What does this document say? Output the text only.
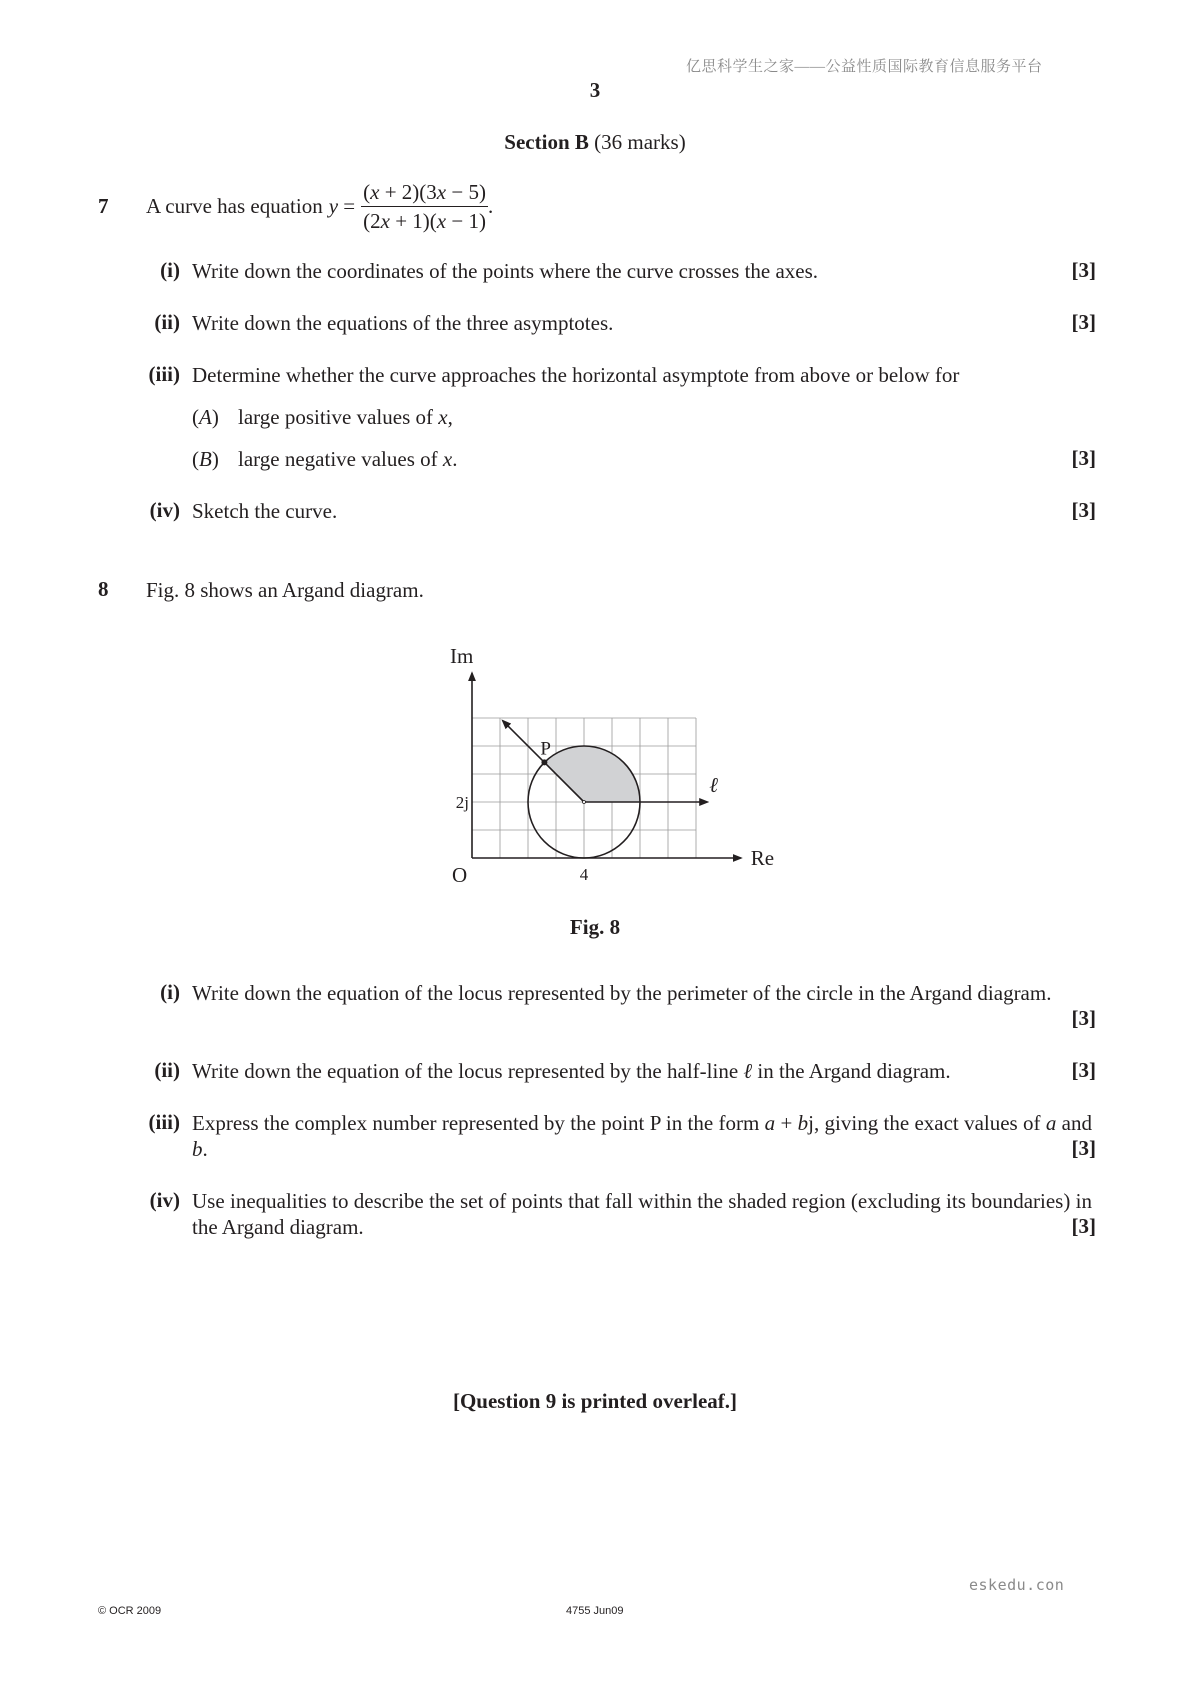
亿思科学生之家——公益性质国际教育信息服务平台
3
Section B (36 marks)
7 A curve has equation $y = \frac{(x + 2)(3x - 5)}{(2x + 1)(x - 1)}$ .
(i) Write down the coordinates of the points where the curve crosses the axes.	[3]
(ii) Write down the equations of the three asymptotes.	[3]
(iii) Determine whether the curve approaches the horizontal asymptote from above or below for
(A) large positive values of x,
(B) large negative values of x.	[3]
(iv) Sketch the curve.	[3]
8 Fig. 8 shows an Argand diagram.
Im
Re
O	4
2j
P
ℓ
Fig. 8
(i) Write down the equation of the locus represented by the perimeter of the circle in the Argand diagram.
[3]
(ii) Write down the equation of the locus represented by the half-line ℓ in the Argand diagram.	[3]
(iii) Express the complex number represented by the point P in the form a + bj, giving the exact values of a and b.	[3]
(iv) Use inequalities to describe the set of points that fall within the shaded region (excluding its boundaries) in the Argand diagram.	[3]
[Question 9 is printed overleaf.]
eskedu.con
© OCR 2009	4755 Jun09
